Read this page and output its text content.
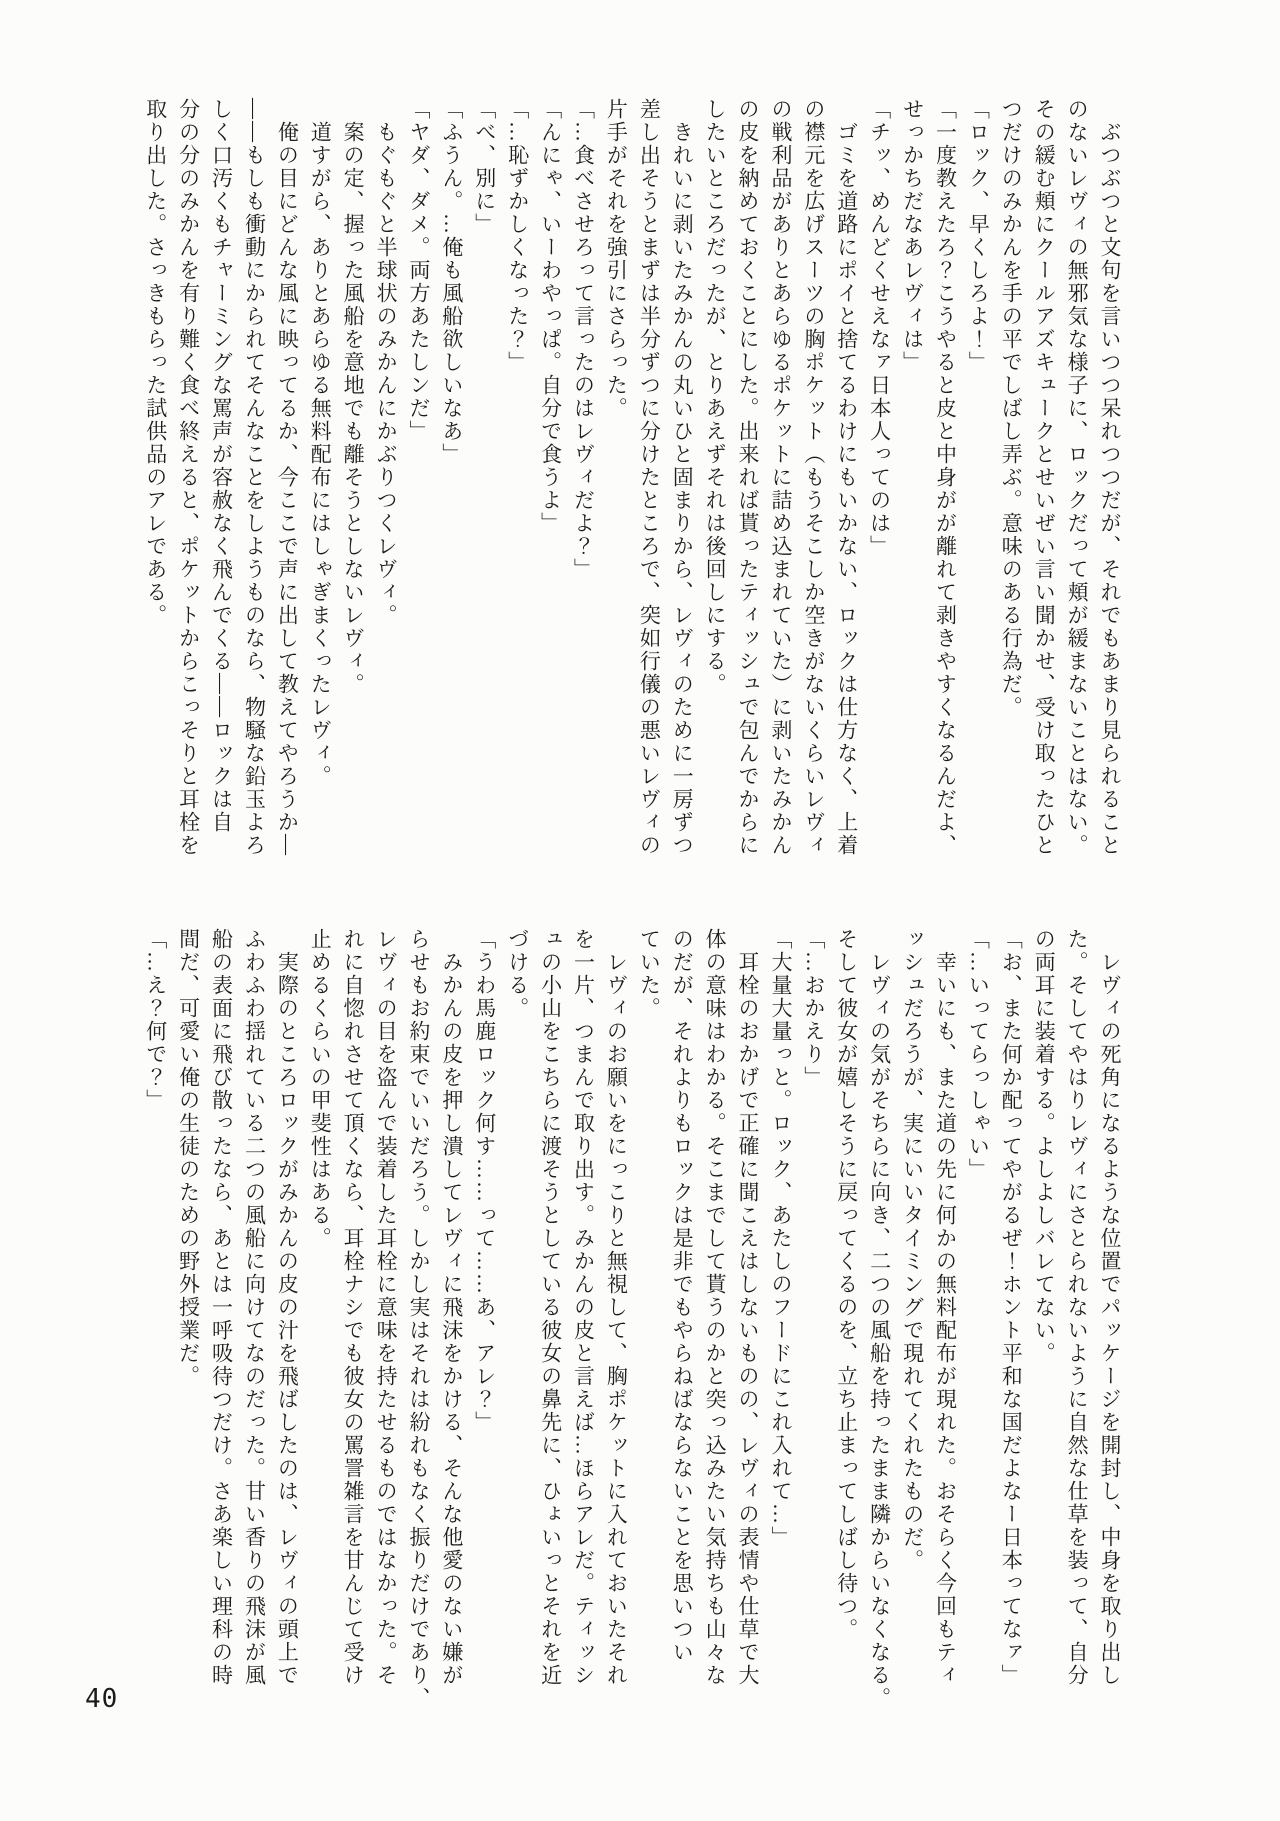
　ぶつぶつと文句を言いつつ呆れつつだが、それでもあまり見られること

のないレヴィの無邪気な様子に、ロックだって頬が緩まないことはない。

その緩む頬にクールアズキュークとせいぜい言い聞かせ、受け取ったひと

つだけのみかんを手の平でしばし弄ぶ。意味のある行為だ。

「ロック、早くしろよ！」

「一度教えたろ？こうやると皮と中身がが離れて剥きやすくなるんだよ、

せっかちだなあレヴィは」

「チッ、めんどくせえなァ日本人ってのは」

　ゴミを道路にポイと捨てるわけにもいかない、ロックは仕方なく、上着

の襟元を広げスーツの胸ポケット（もうそこしか空きがないくらいレヴィ

の戦利品がありとあらゆるポケットに詰め込まれていた）に剥いたみかん

の皮を納めておくことにした。出来れば貰ったティッシュで包んでからに

したいところだったが、とりあえずそれは後回しにする。

　きれいに剥いたみかんの丸いひと固まりから、レヴィのために一房ずつ

差し出そうとまずは半分ずつに分けたところで、突如行儀の悪いレヴィの

片手がそれを強引にさらった。

「…食べさせろって言ったのはレヴィだよ？」

「んにゃ、いーわやっぱ。自分で食うよ」

「…恥ずかしくなった？」

「べ、別に」

「ふうん。…俺も風船欲しいなあ」

「ヤダ、ダメ。両方あたしンだ」

　もぐもぐと半球状のみかんにかぶりつくレヴィ。

　案の定、握った風船を意地でも離そうとしないレヴィ。

　道すがら、ありとあらゆる無料配布にはしゃぎまくったレヴィ。

　俺の目にどんな風に映ってるか、今ここで声に出して教えてやろうか―

――もしも衝動にかられてそんなことをしようものなら、物騒な鉛玉よろ

しく口汚くもチャーミングな罵声が容赦なく飛んでくる――ロックは自

分の分のみかんを有り難く食べ終えると、ポケットからこっそりと耳栓を

取り出した。さっきもらった試供品のアレである。

　レヴィの死角になるような位置でパッケージを開封し、中身を取り出し

た。そしてやはりレヴィにさとられないように自然な仕草を装って、自分

の両耳に装着する。よしよしバレてない。

「お、また何か配ってやがるぜ！ホント平和な国だよなー日本ってなァ」

「…いってらっしゃい」

　幸いにも、また道の先に何かの無料配布が現れた。おそらく今回もティ

ッシュだろうが、実にいいタイミングで現れてくれたものだ。

　レヴィの気がそちらに向き、二つの風船を持ったまま隣からいなくなる。

そして彼女が嬉しそうに戻ってくるのを、立ち止まってしばし待つ。

「…おかえり」

「大量大量っと。ロック、あたしのフードにこれ入れて…」

　耳栓のおかげで正確に聞こえはしないものの、レヴィの表情や仕草で大

体の意味はわかる。そこまでして貰うのかと突っ込みたい気持ちも山々な

のだが、それよりもロックは是非でもやらねばならないことを思いつい

ていた。

　レヴィのお願いをにっこりと無視して、胸ポケットに入れておいたそれ

を一片、つまんで取り出す。みかんの皮と言えば…ほらアレだ。ティッシ

ュの小山をこちらに渡そうとしている彼女の鼻先に、ひょいっとそれを近

づける。

「うわ馬鹿ロック何す……って……あ、アレ？」

　みかんの皮を押し潰してレヴィに飛沫をかける、そんな他愛のない嫌が

らせもお約束でいいだろう。しかし実はそれは紛れもなく振りだけであり、

レヴィの目を盗んで装着した耳栓に意味を持たせるものではなかった。そ

れに自惚れさせて頂くなら、耳栓ナシでも彼女の罵詈雑言を甘んじて受け

止めるくらいの甲斐性はある。

　実際のところロックがみかんの皮の汁を飛ばしたのは、レヴィの頭上で

ふわふわ揺れている二つの風船に向けてなのだった。甘い香りの飛沫が風

船の表面に飛び散ったなら、あとは一呼吸待つだけ。さあ楽しい理科の時

間だ、可愛い俺の生徒のための野外授業だ。

「…え？何で？」

40
